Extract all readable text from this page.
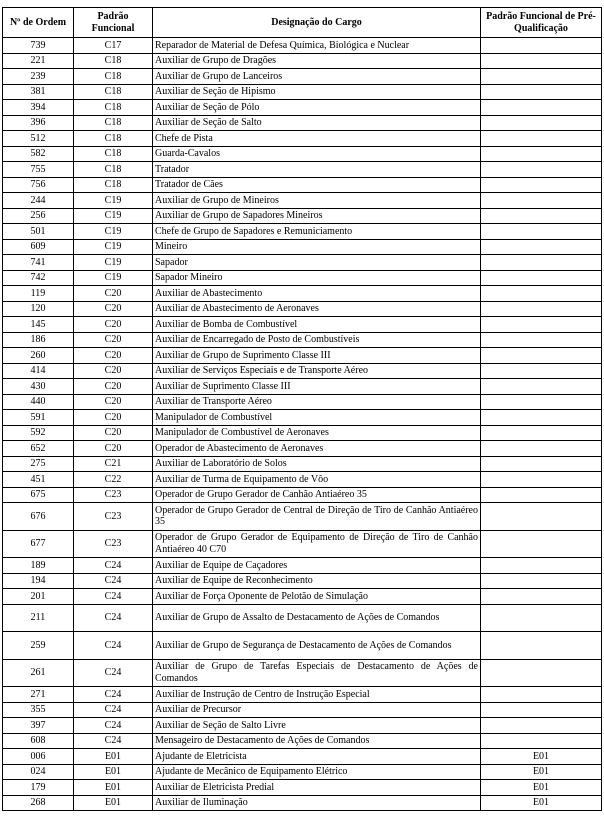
Nº de Ordem	Padrão Funcional	Designação do Cargo	Padrão Funcional de Pré-Qualificação
739	C17	Reparador de Material de Defesa Química, Biológica e Nuclear	
221	C18	Auxiliar de Grupo de Dragões	
239	C18	Auxiliar de Grupo de Lanceiros	
381	C18	Auxiliar de Seção de Hipismo	
394	C18	Auxiliar de Seção de Pólo	
396	C18	Auxiliar de Seção de Salto	
512	C18	Chefe de Pista	
582	C18	Guarda-Cavalos	
755	C18	Tratador	
756	C18	Tratador de Cães	
244	C19	Auxiliar de Grupo de Mineiros	
256	C19	Auxiliar de Grupo de Sapadores Mineiros	
501	C19	Chefe de Grupo de Sapadores e Remuniciamento	
609	C19	Mineiro	
741	C19	Sapador	
742	C19	Sapador Mineiro	
119	C20	Auxiliar de Abastecimento	
120	C20	Auxiliar de Abastecimento de Aeronaves	
145	C20	Auxiliar de Bomba de Combustível	
186	C20	Auxiliar de Encarregado de Posto de Combustíveis	
260	C20	Auxiliar de Grupo de Suprimento Classe III	
414	C20	Auxiliar de Serviços Especiais e de Transporte Aéreo	
430	C20	Auxiliar de Suprimento Classe III	
440	C20	Auxiliar de Transporte Aéreo	
591	C20	Manipulador de Combustível	
592	C20	Manipulador de Combustível de Aeronaves	
652	C20	Operador de Abastecimento de Aeronaves	
275	C21	Auxiliar de Laboratório de Solos	
451	C22	Auxiliar de Turma de Equipamento de Vôo	
675	C23	Operador de Grupo Gerador de Canhão Antiaéreo 35	
676	C23	Operador de Grupo Gerador de Central de Direção de Tiro de Canhão Antiaéreo 35	
677	C23	Operador de Grupo Gerador de Equipamento de Direção de Tiro de Canhão Antiaéreo 40 C70	
189	C24	Auxiliar de Equipe de Caçadores	
194	C24	Auxiliar de Equipe de Reconhecimento	
201	C24	Auxiliar de Força Oponente de Pelotão de Simulação	
211	C24	Auxiliar de Grupo de Assalto de Destacamento de Ações de Comandos	
259	C24	Auxiliar de Grupo de Segurança de Destacamento de Ações de Comandos	
261	C24	Auxiliar de Grupo de Tarefas Especiais de Destacamento de Ações de Comandos	
271	C24	Auxiliar de Instrução de Centro de Instrução Especial	
355	C24	Auxiliar de Precursor	
397	C24	Auxiliar de Seção de Salto Livre	
608	C24	Mensageiro de Destacamento de Ações de Comandos	
006	E01	Ajudante de Eletricista	E01
024	E01	Ajudante de Mecânico de Equipamento Elétrico	E01
179	E01	Auxiliar de Eletricista Predial	E01
268	E01	Auxiliar de Iluminação	E01
